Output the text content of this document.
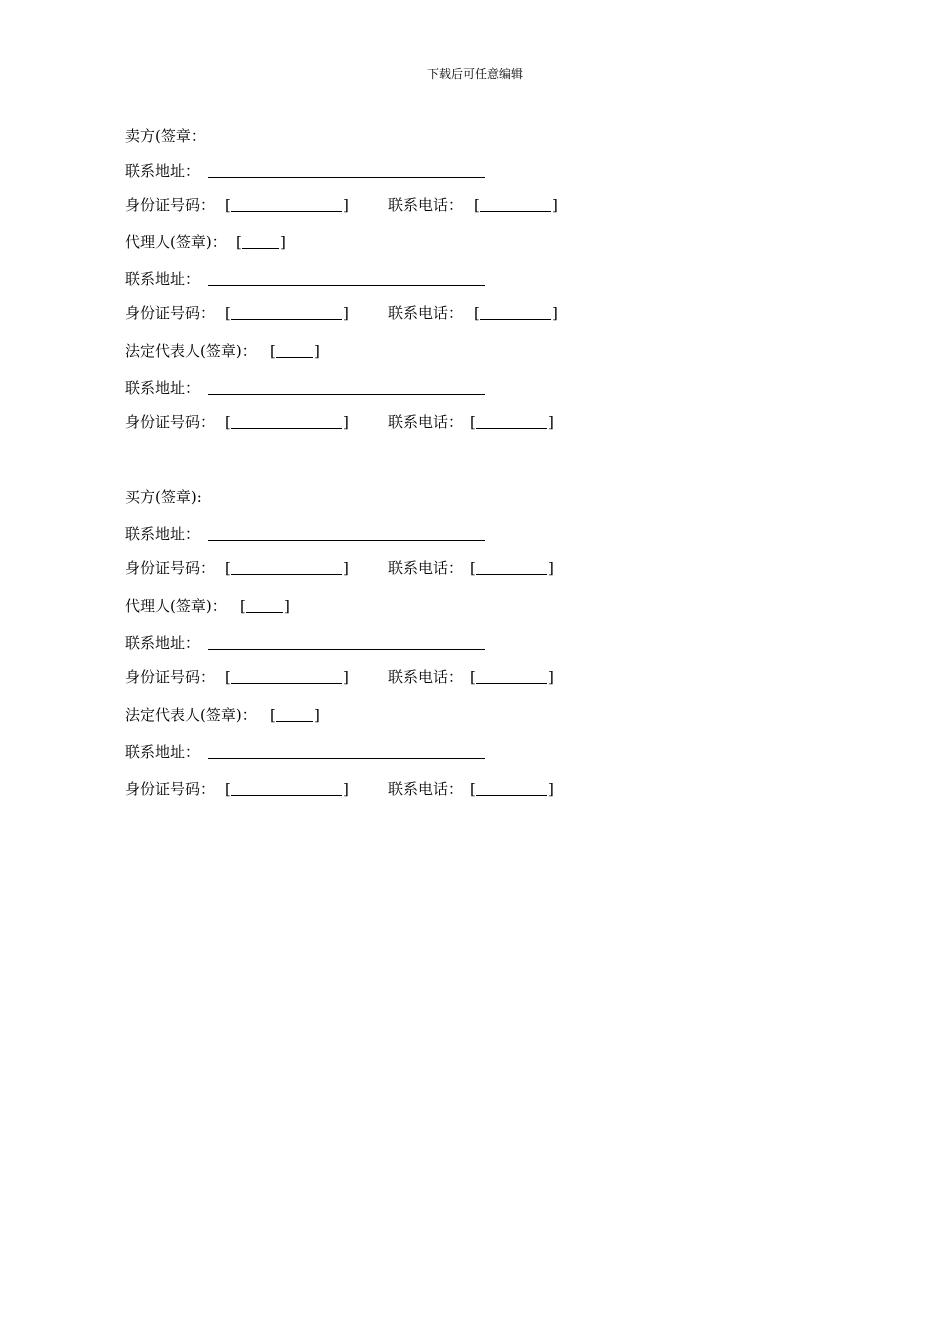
下载后可任意编辑
卖方(签章：
联系地址：
身份证号码： [	]	联系电话： [	]
代理人(签章)： [	]
联系地址：
身份证号码： [	]	联系电话： [	]
法定代表人(签章)： [	]
联系地址：
身份证号码： [	]	联系电话： [	]
买方(签章):
联系地址：
身份证号码： [	]	联系电话： [	]
代理人(签章)： [	]
联系地址：
身份证号码： [	]	联系电话： [	]
法定代表人(签章)： [	]
联系地址：
身份证号码： [	]	联系电话： [	]
